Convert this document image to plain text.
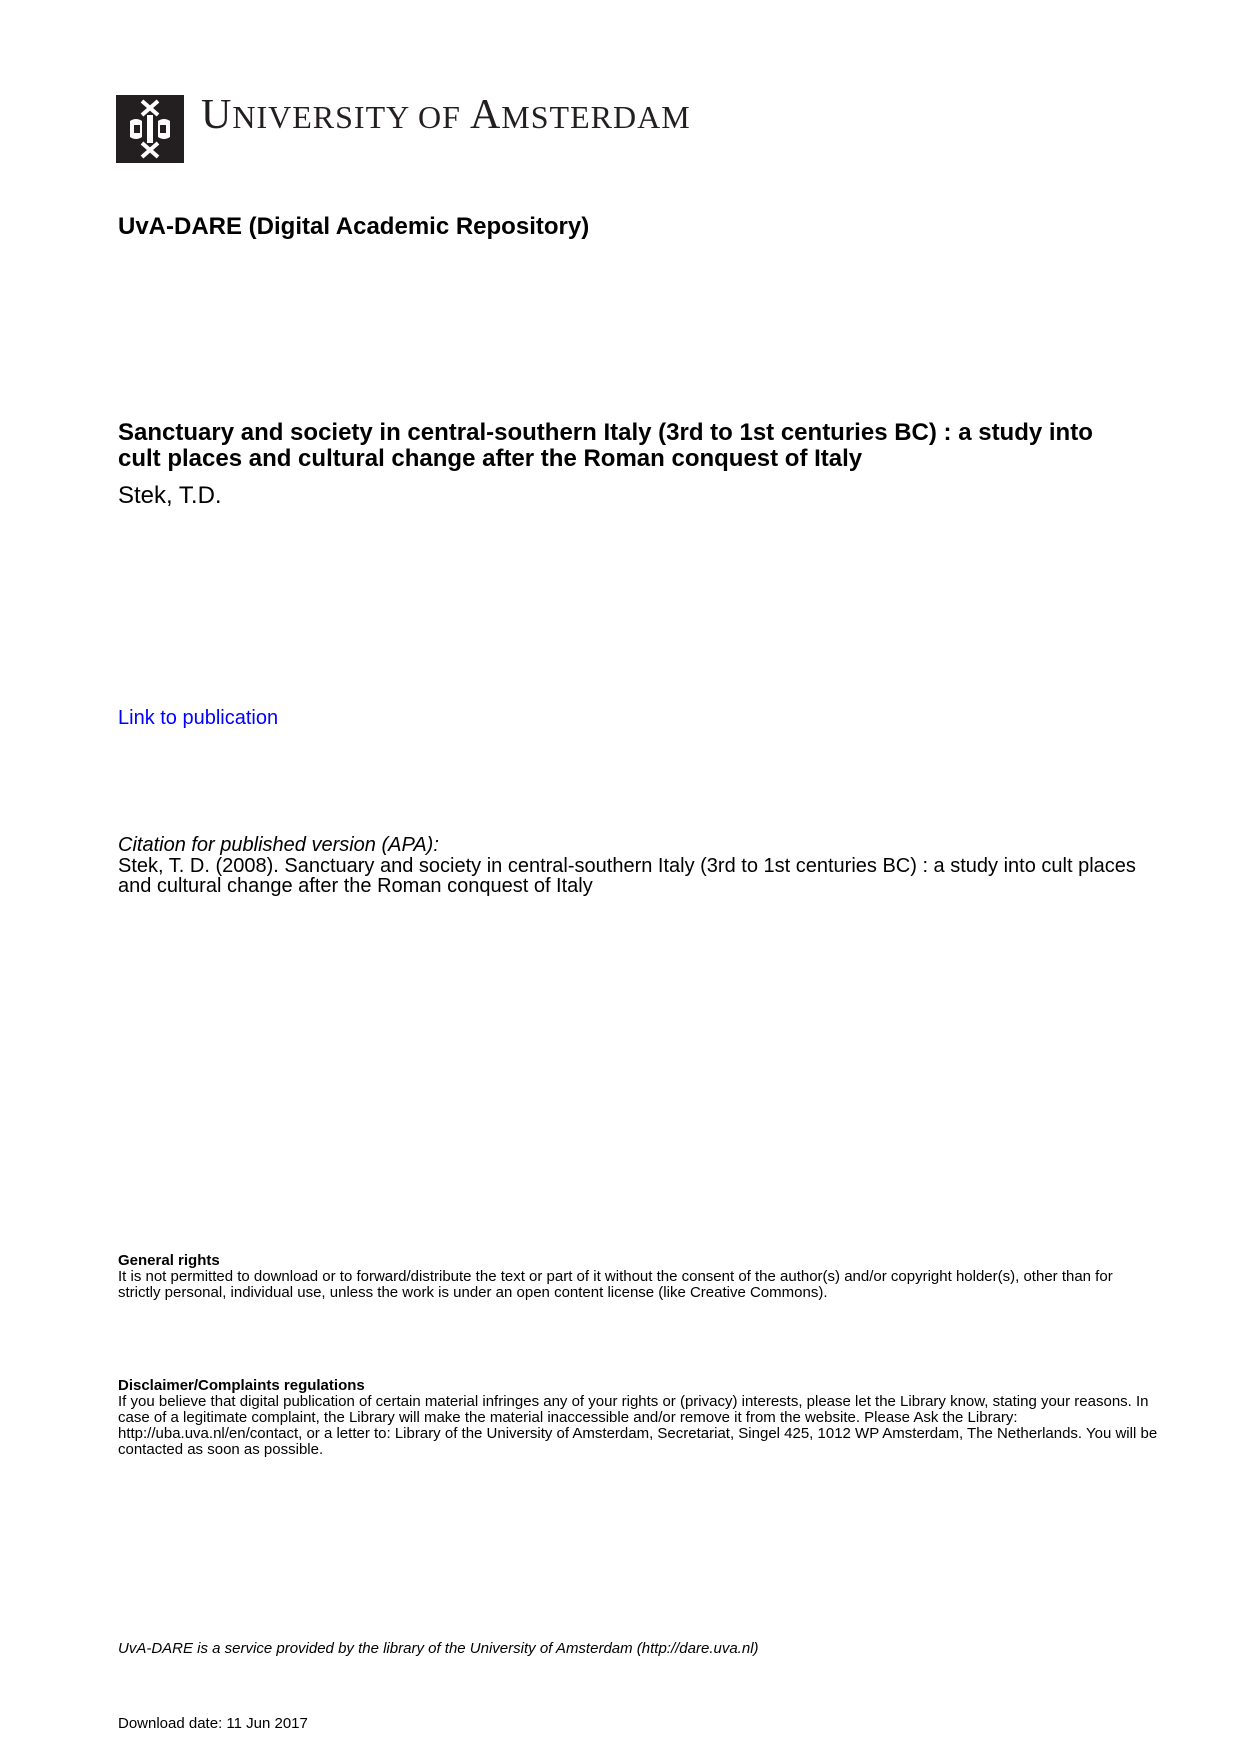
UNIVERSITY OF AMSTERDAM
UvA-DARE (Digital Academic Repository)
Sanctuary and society in central-southern Italy (3rd to 1st centuries BC) : a study into cult places and cultural change after the Roman conquest of Italy
Stek, T.D.
Link to publication
Citation for published version (APA):
Stek, T. D. (2008). Sanctuary and society in central-southern Italy (3rd to 1st centuries BC) : a study into cult places and cultural change after the Roman conquest of Italy
General rights
It is not permitted to download or to forward/distribute the text or part of it without the consent of the author(s) and/or copyright holder(s), other than for strictly personal, individual use, unless the work is under an open content license (like Creative Commons).
Disclaimer/Complaints regulations
If you believe that digital publication of certain material infringes any of your rights or (privacy) interests, please let the Library know, stating your reasons. In case of a legitimate complaint, the Library will make the material inaccessible and/or remove it from the website. Please Ask the Library: http://uba.uva.nl/en/contact, or a letter to: Library of the University of Amsterdam, Secretariat, Singel 425, 1012 WP Amsterdam, The Netherlands. You will be contacted as soon as possible.
UvA-DARE is a service provided by the library of the University of Amsterdam (http://dare.uva.nl)
Download date: 11 Jun 2017
